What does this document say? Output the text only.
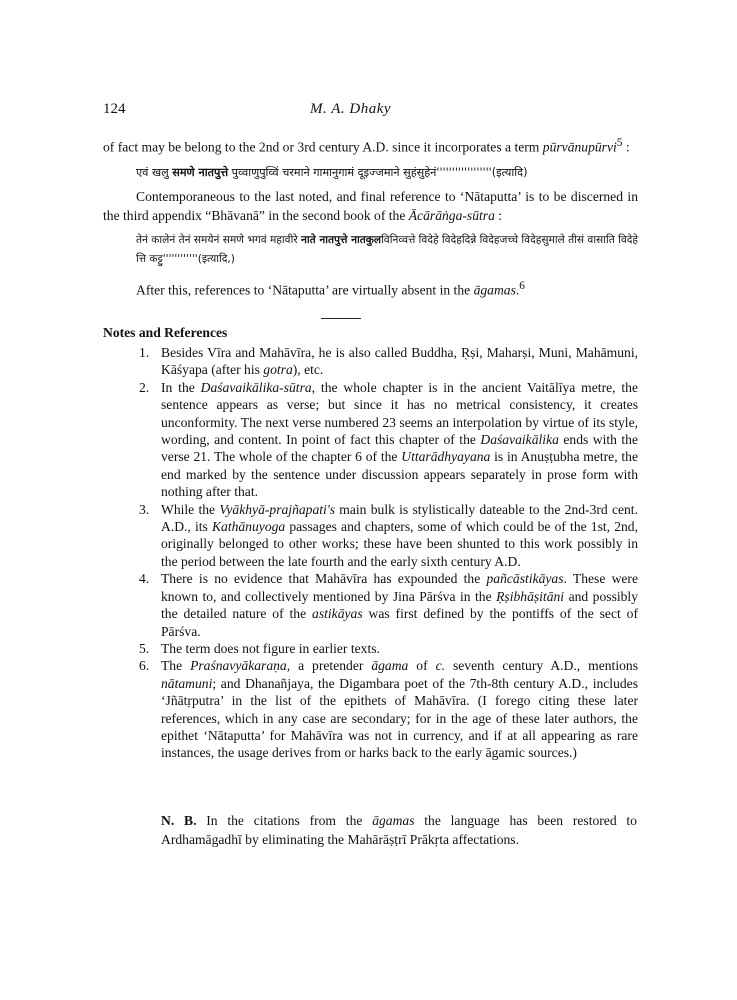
124	M. A. Dhaky

of fact may be belong to the 2nd or 3rd century A.D. since it incorporates a term pūrvānupūrvi$^5$ :

एवं खलु समणे नातपुत्ते पुव्वाणुपुव्विं चरमाने गामानुगामं दूइज्जमाने सुहंसुहेनं''''''''''''''''''(इत्यादि)

Contemporaneous to the last noted, and final reference to ‘Nātaputta’ is to be discerned in the third appendix “Bhāvanā” in the second book of the Ācārāṅga-sūtra :

तेनं कालेनं तेनं समयेनं समणे भगवं महावीरे नाते नातपुत्ते नातकुलविनिव्वत्ते विदेहे विदेहदिन्ने विदेहजच्चे विदेहसुमाले तीसं वासाति विदेहे त्ति कट्टु''''''''''''(इत्यादि,)

After this, references to ‘Nātaputta’ are virtually absent in the āgamas.$^6$

Notes and References
1. Besides Vīra and Mahāvīra, he is also called Buddha, Ṛṣi, Maharṣi, Muni, Mahāmuni, Kāśyapa (after his gotra), etc.
2. In the Daśavaikālika-sūtra, the whole chapter is in the ancient Vaitālīya metre, the sentence appears as verse; but since it has no metrical consistency, it creates unconformity. The next verse numbered 23 seems an interpolation by virtue of its style, wording, and content. In point of fact this chapter of the Daśavaikālika ends with the verse 21. The whole of the chapter 6 of the Uttarādhyayana is in Anuṣṭubha metre, the end marked by the sentence under discussion appears separately in prose form with nothing after that.
3. While the Vyākhyā-prajñapati's main bulk is stylistically dateable to the 2nd-3rd cent. A.D., its Kathānuyoga passages and chapters, some of which could be of the 1st, 2nd, originally belonged to other works; these have been shunted to this work possibly in the period between the late fourth and the early sixth century A.D.
4. There is no evidence that Mahāvīra has expounded the pañcāstikāyas. These were known to, and collectively mentioned by Jina Pārśva in the Ṛṣibhāṣitāni and possibly the detailed nature of the astikāyas was first defined by the pontiffs of the sect of Pārśva.
5. The term does not figure in earlier texts.
6. The Praśnavyākaraṇa, a pretender āgama of c. seventh century A.D., mentions nātamuni; and Dhanañjaya, the Digambara poet of the 7th-8th century A.D., includes ‘Jñātṛputra’ in the list of the epithets of Mahāvīra. (I forego citing these later references, which in any case are secondary; for in the age of these later authors, the epithet ‘Nātaputta’ for Mahāvīra was not in currency, and if at all appearing as rare instances, the usage derives from or harks back to the early āgamic sources.)
N. B. In the citations from the āgamas the language has been restored to Ardhamāgadhī by eliminating the Mahārāṣṭrī Prākṛta affectations.
